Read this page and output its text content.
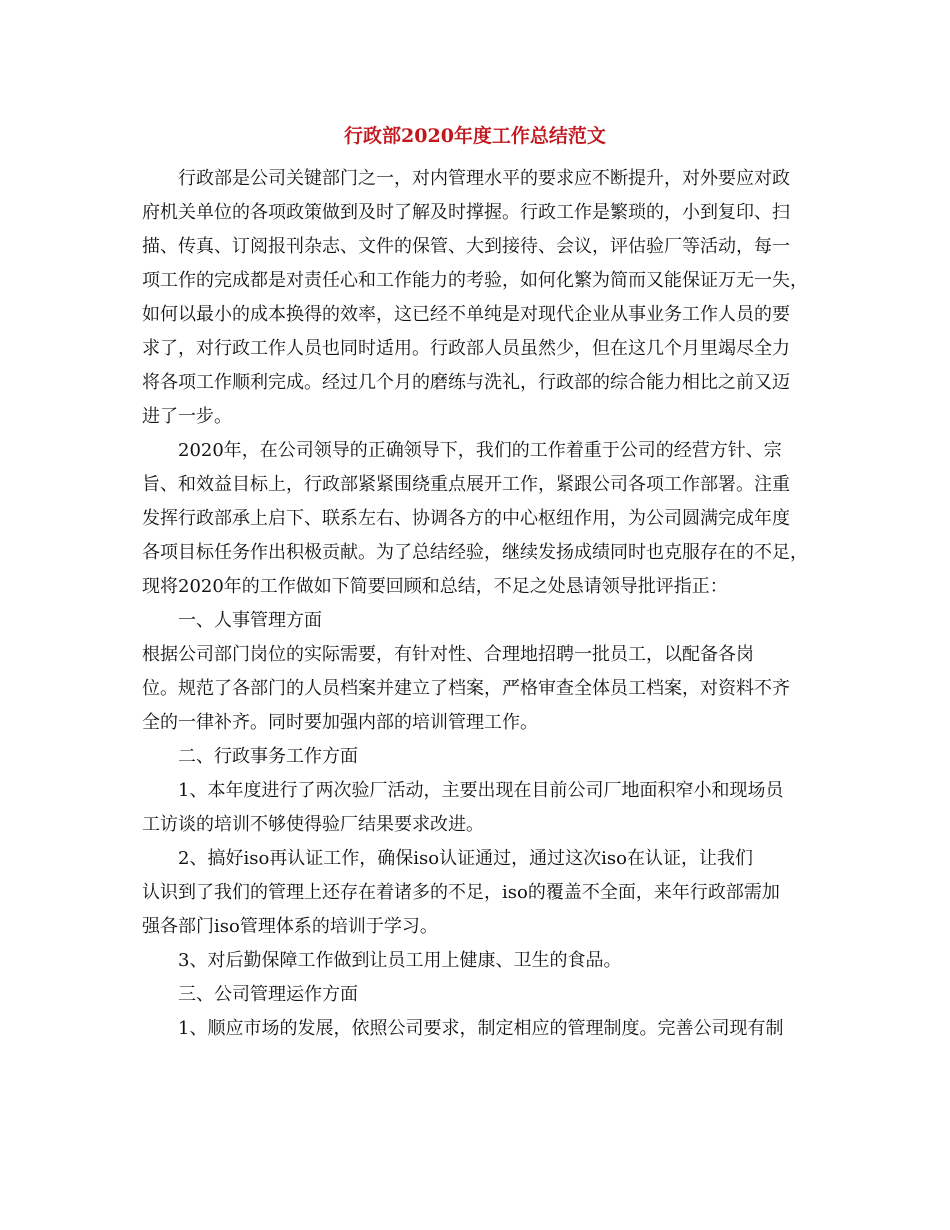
行政部2020年度工作总结范文
行政部是公司关键部门之一，对内管理水平的要求应不断提升，对外要应对政
府机关单位的各项政策做到及时了解及时撑握。行政工作是繁琐的，小到复印、扫
描、传真、订阅报刊杂志、文件的保管、大到接待、会议，评估验厂等活动，每一
项工作的完成都是对责任心和工作能力的考验，如何化繁为简而又能保证万无一失，
如何以最小的成本换得的效率，这已经不单纯是对现代企业从事业务工作人员的要
求了，对行政工作人员也同时适用。行政部人员虽然少，但在这几个月里竭尽全力
将各项工作顺利完成。经过几个月的磨练与洗礼，行政部的综合能力相比之前又迈
进了一步。
2020年，在公司领导的正确领导下，我们的工作着重于公司的经营方针、宗
旨、和效益目标上，行政部紧紧围绕重点展开工作，紧跟公司各项工作部署。注重
发挥行政部承上启下、联系左右、协调各方的中心枢纽作用，为公司圆满完成年度
各项目标任务作出积极贡献。为了总结经验，继续发扬成绩同时也克服存在的不足，
现将2020年的工作做如下简要回顾和总结，不足之处恳请领导批评指正：
一、人事管理方面
根据公司部门岗位的实际需要，有针对性、合理地招聘一批员工，以配备各岗
位。规范了各部门的人员档案并建立了档案，严格审查全体员工档案，对资料不齐
全的一律补齐。同时要加强内部的培训管理工作。
二、行政事务工作方面
1、本年度进行了两次验厂活动，主要出现在目前公司厂地面积窄小和现场员
工访谈的培训不够使得验厂结果要求改进。
2、搞好iso再认证工作，确保iso认证通过，通过这次iso在认证，让我们
认识到了我们的管理上还存在着诸多的不足，iso的覆盖不全面，来年行政部需加
强各部门iso管理体系的培训于学习。
3、对后勤保障工作做到让员工用上健康、卫生的食品。
三、公司管理运作方面
1、顺应市场的发展，依照公司要求，制定相应的管理制度。完善公司现有制
